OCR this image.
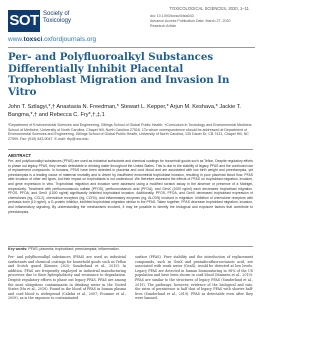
SOT Society of
Toxicology
www.toxsci.oxfordjournals.org
TOXICOLOGICAL SCIENCES, 2020, 1–11
doi: 10.1093/toxsci/kfaa043
Advance Access Publication Date: March 27, 2020
Research Article
Per- and Polyfluoroalkyl Substances Differentially Inhibit Placental Trophoblast Migration and Invasion In Vitro
John T. Szilagyi,*,† Anastasia N. Freedman,* Stewart L. Kepper,* Arjun M. Keshava,* Jackie T. Bangma,*,† and Rebecca C. Fry*,†,‡,1
*Department of Environmental Sciences and Engineering, Gillings School of Global Public Health; †Curriculum in Toxicology and Environmental Medicine, School of Medicine, University of North Carolina, Chapel Hill, North Carolina 27516. 1To whom correspondence should be addressed at Department of Environmental Sciences and Engineering, Gillings School of Global Public Health, University of North Carolina, 135 Dauer Dr, CB 7431, Chapel Hill, NC 27599. Fax: (919) 843-9047. E-mail: rfry@unc.edu.
ABSTRACT
Per- and polyfluoroalkyl substances (PFAS) are used as industrial surfactants and chemical coatings for household goods such as Teflon. Despite regulatory efforts to phase out legacy PFAS, they remain detectable in drinking water throughout the United States. This is due to the stability of legacy PFAS and the continued use of replacement compounds. In humans, PFAS have been detected in placenta and cord blood and are associated with low birth weight and preeclampsia, yet preeclampsia is a leading cause of maternal mortality and is driven by insufficient endometrial trophoblast invasion, resulting in poor placental blood flow. PFAS alter invasion of other cell types, but their impact on trophoblasts is not understood. We therefore assessed the effects of PFAS on trophoblast migration, invasion, and gene expression in vitro. Trophoblast migration and invasion were assessed using a modified scratch assay in the absence or presence of a Matrigel, respectively. Treatment with perfluorooctanoic sulfate (PFOS), perfluorooctanoic acid (PFOA), and GenX (1000 ng/ml) each decreased trophoblast migration. PFOS, PFOA, and GenX (1000 ng/ml) significantly inhibited trophoblast invasion. Additionally, PFOS, PFOA, and GenX decreased trophoblast expression of chemokines (eg, CCL2), chemokine receptors (eg, CCR4), and inflammatory enzymes (eg, ALOX5) involved in migration. Inhibition of chemokine receptors with pertussis toxin (10 ng/ml), a G-protein inhibitor, inhibited trophoblast migration similar to the PFAS. Taken together, PFAS decrease trophoblast migration, invasion, and inflammatory signaling. By understanding the mechanisms involved, it may be possible to identify the biological and exposure factors that contribute to preeclampsia.
Key words: PFAS; placenta; trophoblast; preeclampsia; inflammation.
Per- and polyfluoroalkyl substances (PFAS) are used as industrial surfactants and chemical coatings for household goods such as Teflon and Scotch guard (Kenner, 2020; Sunderland et al., 2019). In addition, PFAS are frequently employed in industrial manufacturing processes due to their hydrophobicity and resistance to degradation. Despite regulatory efforts to phase out legacy PFAS, PFAS are among the most ubiquitous contaminants in drinking water in the United States (Hu et al., 2016). Found in the blood of PFAS in human plasma and cord blood is widespread (Calafat et al., 2007; Fromme et al., 2009), as is the exposure to contaminated
surface (PFAS). Pure stability and the introduction of replacement compounds, such as GenX and pentadecafluorooctanoic acid, are associated with weak water (GenX), would be detected at low levels. Legacy PFAS are detected in human biomonitoring in 98% of the US population and have been shown in cord blood (Mamsen et al., 2019). PFAS are similar to the structures of legacy PFAS (Sunderland et al., 2019). The pathways, however, evidence of the biological and rats, the rates of persistence is half that of legacy PFAS with shorter half-lives (Sunderland et al., 2019). PFAS as detectable even after they were banned.
